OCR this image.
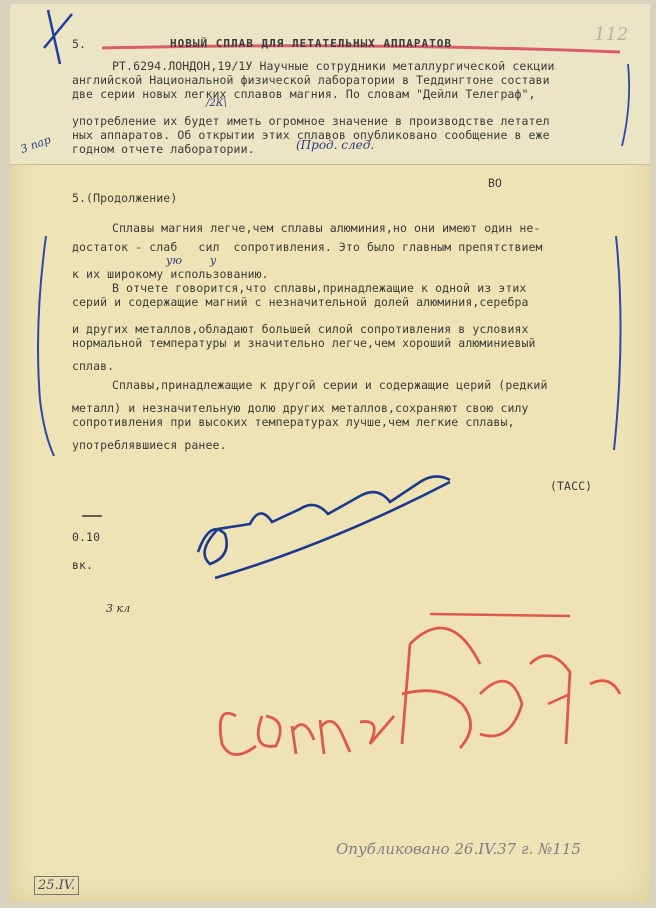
5.	НОВЫЙ СПЛАВ ДЛЯ ЛЕТАТЕЛЬНЫХ АППАРАТОВ
РТ.6294.ЛОНДОН,19/1У Научные сотрудники металлургической секции
английской Национальной физической лаборатории в Теддингтоне состави
две серии новых легких сплавов магния. По словам "Дейли Телеграф",
употребление их будет иметь огромное значение в производстве летател
ных аппаратов. Об открытии этих сплавов опубликовано сообщение в еже
годном отчете лаборатории.	(Прод. след.
/2К\
3 пар
112
ВО
5.(Продолжение)
Сплавы магния легче,чем сплавы алюминия,но они имеют один не-
достаток - слаб   сил  сопротивления. Это было главным препятствием
ую	у
к их широкому использованию.
В отчете говорится,что сплавы,принадлежащие к одной из этих
серий и содержащие магний с незначительной долей алюминия,серебра
и других металлов,обладают большей силой сопротивления в условиях
нормальной температуры и значительно легче,чем хороший алюминиевый
сплав.
Сплавы,принадлежащие к другой серии и содержащие церий (редкий
металл) и незначительную долю других металлов,сохраняют свою силу
сопротивления при высоких температурах лучше,чем легкие сплавы,
употреблявшиеся ранее.
(ТАСС)
0.10
вк.
3 кл
Опубликовано 26.IV.37 г. №115
25.IV.
